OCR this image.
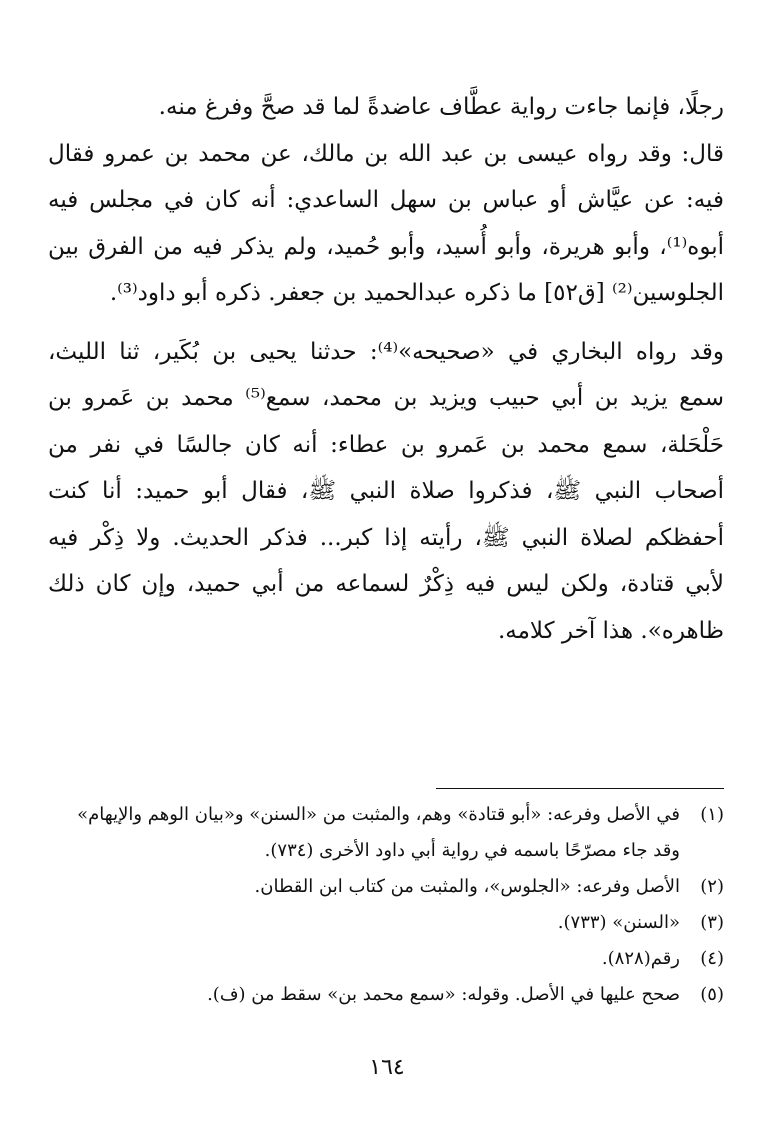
رجلًا، فإنما جاءت رواية عطَّاف عاضدةً لما قد صحَّ وفرغ منه.
قال: وقد رواه عيسى بن عبد الله بن مالك، عن محمد بن عمرو فقال
فيه: عن عيَّاش أو عباس بن سهل الساعدي: أنه كان في مجلس فيه
أبوه⁽¹⁾، وأبو هريرة، وأبو أُسيد، وأبو حُميد، ولم يذكر فيه من الفرق بين
الجلوسين⁽²⁾ [ق٥٢] ما ذكره عبدالحميد بن جعفر. ذكره أبو داود⁽³⁾.
وقد رواه البخاري في «صحيحه»⁽⁴⁾: حدثنا يحيى بن بُكَير، ثنا الليث،
سمع يزيد بن أبي حبيب ويزيد بن محمد، سمع⁽⁵⁾ محمد بن عَمرو بن
حَلْحَلة، سمع محمد بن عَمرو بن عطاء: أنه كان جالسًا في نفر من
أصحاب النبي ﷺ، فذكروا صلاة النبي ﷺ، فقال أبو حميد: أنا كنت
أحفظكم لصلاة النبي ﷺ، رأيته إذا كبر... فذكر الحديث. ولا ذِكْر فيه
لأبي قتادة، ولكن ليس فيه ذِكْرٌ لسماعه من أبي حميد، وإن كان ذلك
ظاهره». هذا آخر كلامه.
(١)في الأصل وفرعه: «أبو قتادة» وهم، والمثبت من «السنن» و«بيان الوهم والإيهام»
وقد جاء مصرّحًا باسمه في رواية أبي داود الأخرى (٧٣٤).
(٢)الأصل وفرعه: «الجلوس»، والمثبت من كتاب ابن القطان.
(٣)«السنن» (٧٣٣).
(٤)رقم(٨٢٨).
(٥)صحح عليها في الأصل. وقوله: «سمع محمد بن» سقط من (ف).
١٦٤
